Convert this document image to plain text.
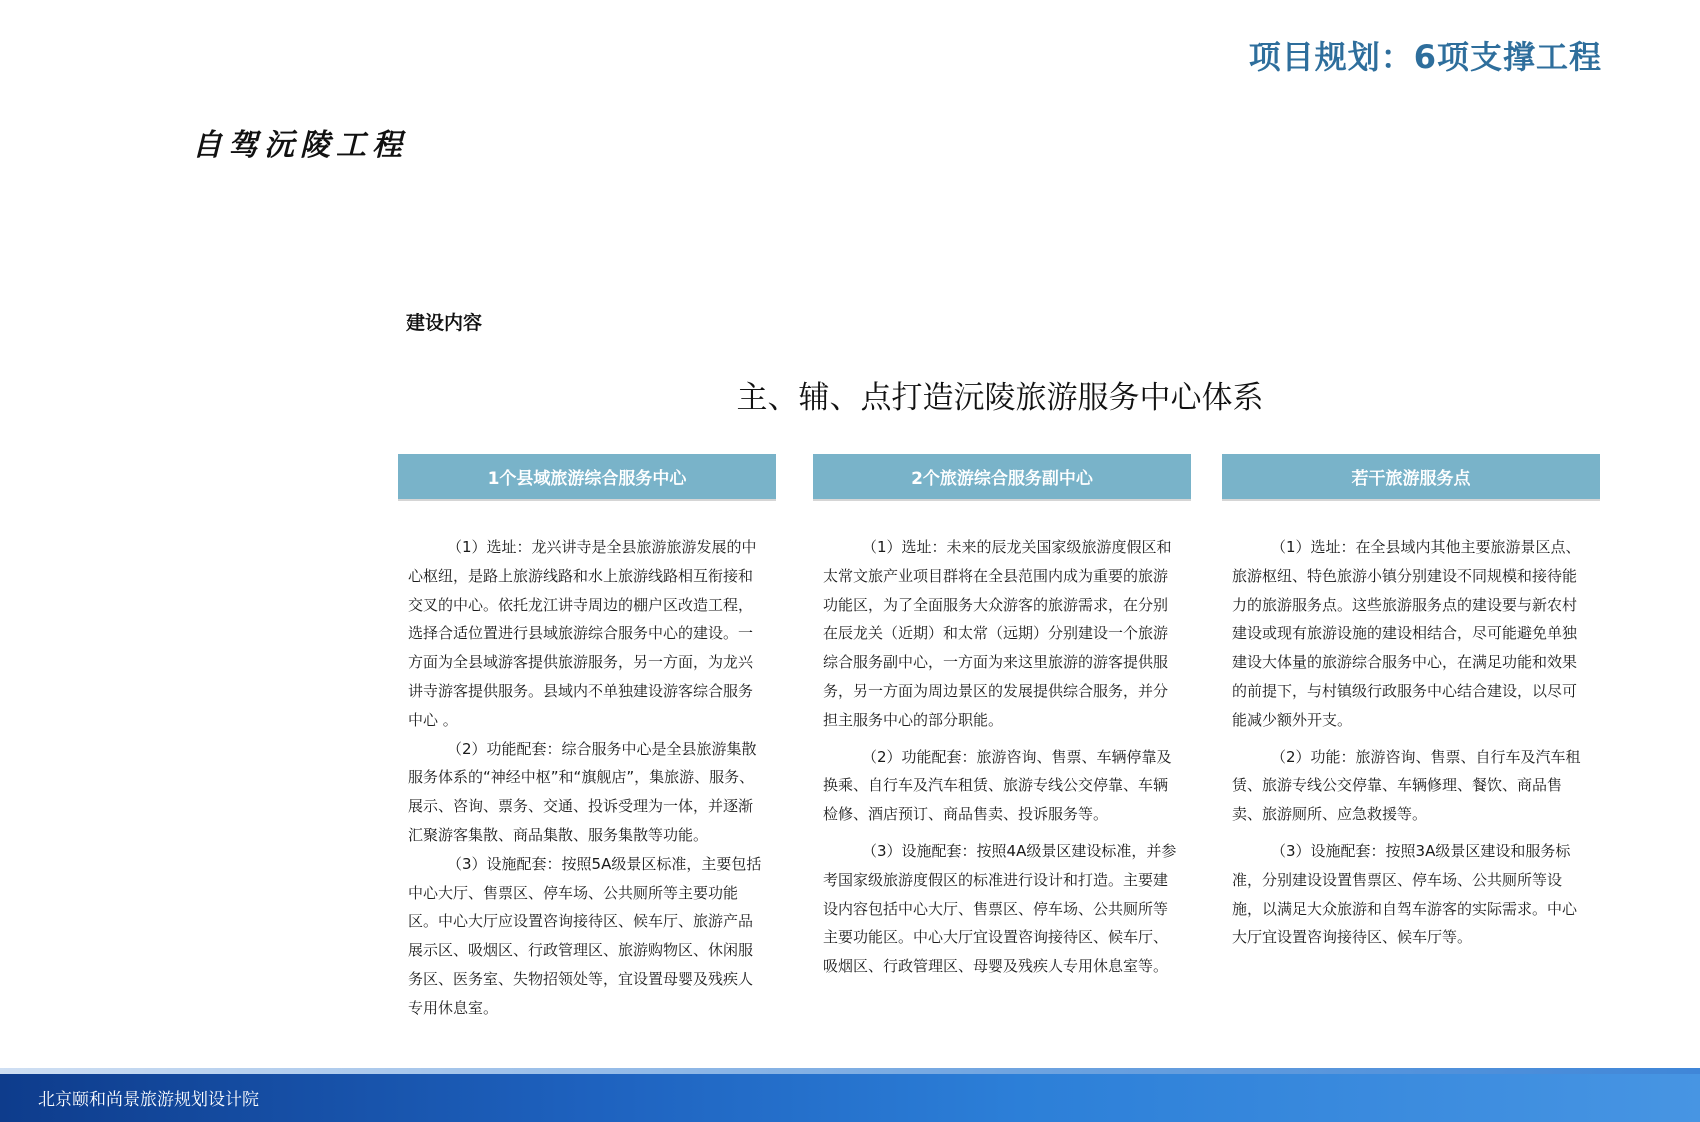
项目规划：6项支撑工程
自驾沅陵工程
建设内容
主、辅、点打造沅陵旅游服务中心体系
1个县域旅游综合服务中心

（1）选址：龙兴讲寺是全县旅游旅游发展的中心枢纽，是路上旅游线路和水上旅游线路相互衔接和交叉的中心。依托龙江讲寺周边的棚户区改造工程，选择合适位置进行县域旅游综合服务中心的建设。一方面为全县域游客提供旅游服务，另一方面，为龙兴讲寺游客提供服务。县域内不单独建设游客综合服务中心 。

（2）功能配套：综合服务中心是全县旅游集散服务体系的“神经中枢”和“旗舰店”，集旅游、服务、展示、咨询、票务、交通、投诉受理为一体，并逐渐汇聚游客集散、商品集散、服务集散等功能。

（3）设施配套：按照5A级景区标准，主要包括中心大厅、售票区、停车场、公共厕所等主要功能区。中心大厅应设置咨询接待区、候车厅、旅游产品展示区、吸烟区、行政管理区、旅游购物区、休闲服务区、医务室、失物招领处等，宜设置母婴及残疾人专用休息室。

2个旅游综合服务副中心

（1）选址：未来的辰龙关国家级旅游度假区和太常文旅产业项目群将在全县范围内成为重要的旅游功能区，为了全面服务大众游客的旅游需求，在分别在辰龙关（近期）和太常（远期）分别建设一个旅游综合服务副中心，一方面为来这里旅游的游客提供服务，另一方面为周边景区的发展提供综合服务，并分担主服务中心的部分职能。

（2）功能配套：旅游咨询、售票、车辆停靠及换乘、自行车及汽车租赁、旅游专线公交停靠、车辆检修、酒店预订、商品售卖、投诉服务等。

（3）设施配套：按照4A级景区建设标准，并参考国家级旅游度假区的标准进行设计和打造。主要建设内容包括中心大厅、售票区、停车场、公共厕所等主要功能区。中心大厅宜设置咨询接待区、候车厅、吸烟区、行政管理区、母婴及残疾人专用休息室等。

若干旅游服务点

（1）选址：在全县域内其他主要旅游景区点、旅游枢纽、特色旅游小镇分别建设不同规模和接待能力的旅游服务点。这些旅游服务点的建设要与新农村建设或现有旅游设施的建设相结合，尽可能避免单独建设大体量的旅游综合服务中心，在满足功能和效果的前提下，与村镇级行政服务中心结合建设，以尽可能减少额外开支。

（2）功能：旅游咨询、售票、自行车及汽车租赁、旅游专线公交停靠、车辆修理、餐饮、商品售卖、旅游厕所、应急救援等。

（3）设施配套：按照3A级景区建设和服务标准，分别建设设置售票区、停车场、公共厕所等设施，以满足大众旅游和自驾车游客的实际需求。中心大厅宜设置咨询接待区、候车厅等。

北京颐和尚景旅游规划设计院
